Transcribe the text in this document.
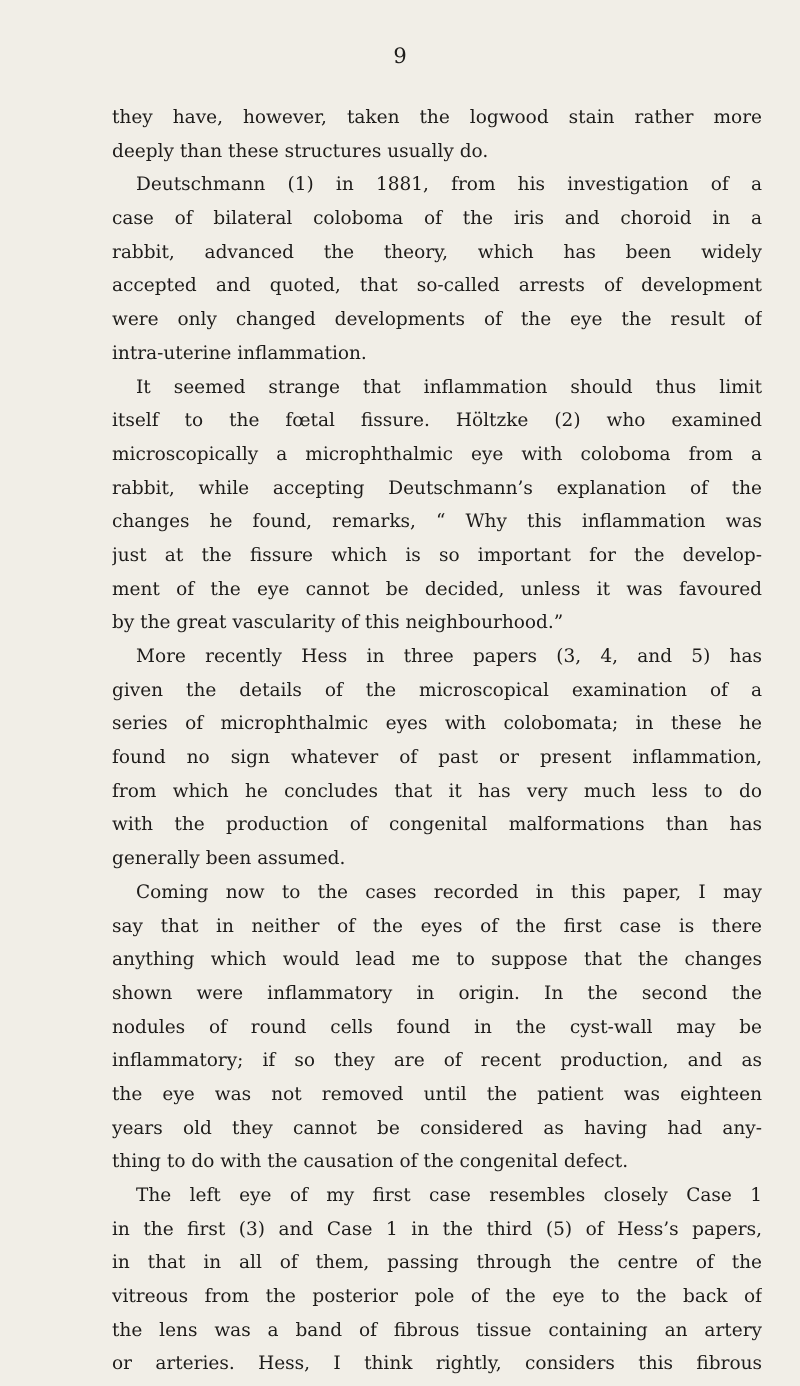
9
they have, however, taken the logwood stain rather more
deeply than these structures usually do.
Deutschmann (1) in 1881, from his investigation of a
case of bilateral coloboma of the iris and choroid in a
rabbit, advanced the theory, which has been widely
accepted and quoted, that so-called arrests of development
were only changed developments of the eye the result of
intra-uterine inflammation.
It seemed strange that inflammation should thus limit
itself to the fœtal fissure. Höltzke (2) who examined
microscopically a microphthalmic eye with coloboma from a
rabbit, while accepting Deutschmann’s explanation of the
changes he found, remarks, “ Why this inflammation was
just at the fissure which is so important for the develop-
ment of the eye cannot be decided, unless it was favoured
by the great vascularity of this neighbourhood.”
More recently Hess in three papers (3, 4, and 5) has
given the details of the microscopical examination of a
series of microphthalmic eyes with colobomata; in these he
found no sign whatever of past or present inflammation,
from which he concludes that it has very much less to do
with the production of congenital malformations than has
generally been assumed.
Coming now to the cases recorded in this paper, I may
say that in neither of the eyes of the first case is there
anything which would lead me to suppose that the changes
shown were inflammatory in origin. In the second the
nodules of round cells found in the cyst-wall may be
inflammatory; if so they are of recent production, and as
the eye was not removed until the patient was eighteen
years old they cannot be considered as having had any-
thing to do with the causation of the congenital defect.
The left eye of my first case resembles closely Case 1
in the first (3) and Case 1 in the third (5) of Hess’s papers,
in that in all of them, passing through the centre of the
vitreous from the posterior pole of the eye to the back of
the lens was a band of fibrous tissue containing an artery
or arteries. Hess, I think rightly, considers this fibrous
